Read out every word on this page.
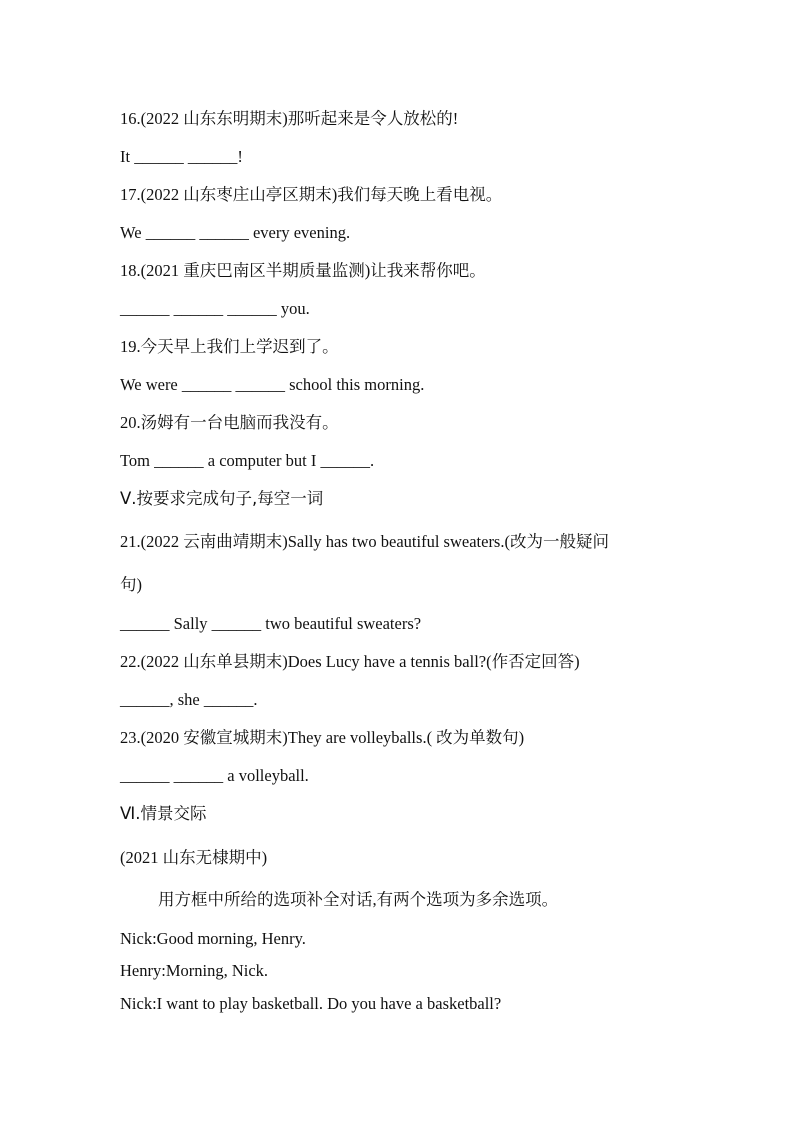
16.(2022 山东东明期末)那听起来是令人放松的!
It ______ ______!
17.(2022 山东枣庄山亭区期末)我们每天晚上看电视。
We ______ ______ every evening.
18.(2021 重庆巴南区半期质量监测)让我来帮你吧。
______ ______ ______ you.
19.今天早上我们上学迟到了。
We were ______ ______ school this morning.
20.汤姆有一台电脑而我没有。
Tom ______ a computer but I ______.
Ⅴ.按要求完成句子,每空一词
21.(2022 云南曲靖期末)Sally has two beautiful sweaters.(改为一般疑问
句)
______ Sally ______ two beautiful sweaters?
22.(2022 山东单县期末)Does Lucy have a tennis ball?(作否定回答)
______, she ______.
23.(2020 安徽宣城期末)They are volleyballs.( 改为单数句)
______ ______ a volleyball.
Ⅵ.情景交际
(2021 山东无棣期中)
用方框中所给的选项补全对话,有两个选项为多余选项。
Nick:Good morning, Henry.
Henry:Morning, Nick.
Nick:I want to play basketball. Do you have a basketball?
